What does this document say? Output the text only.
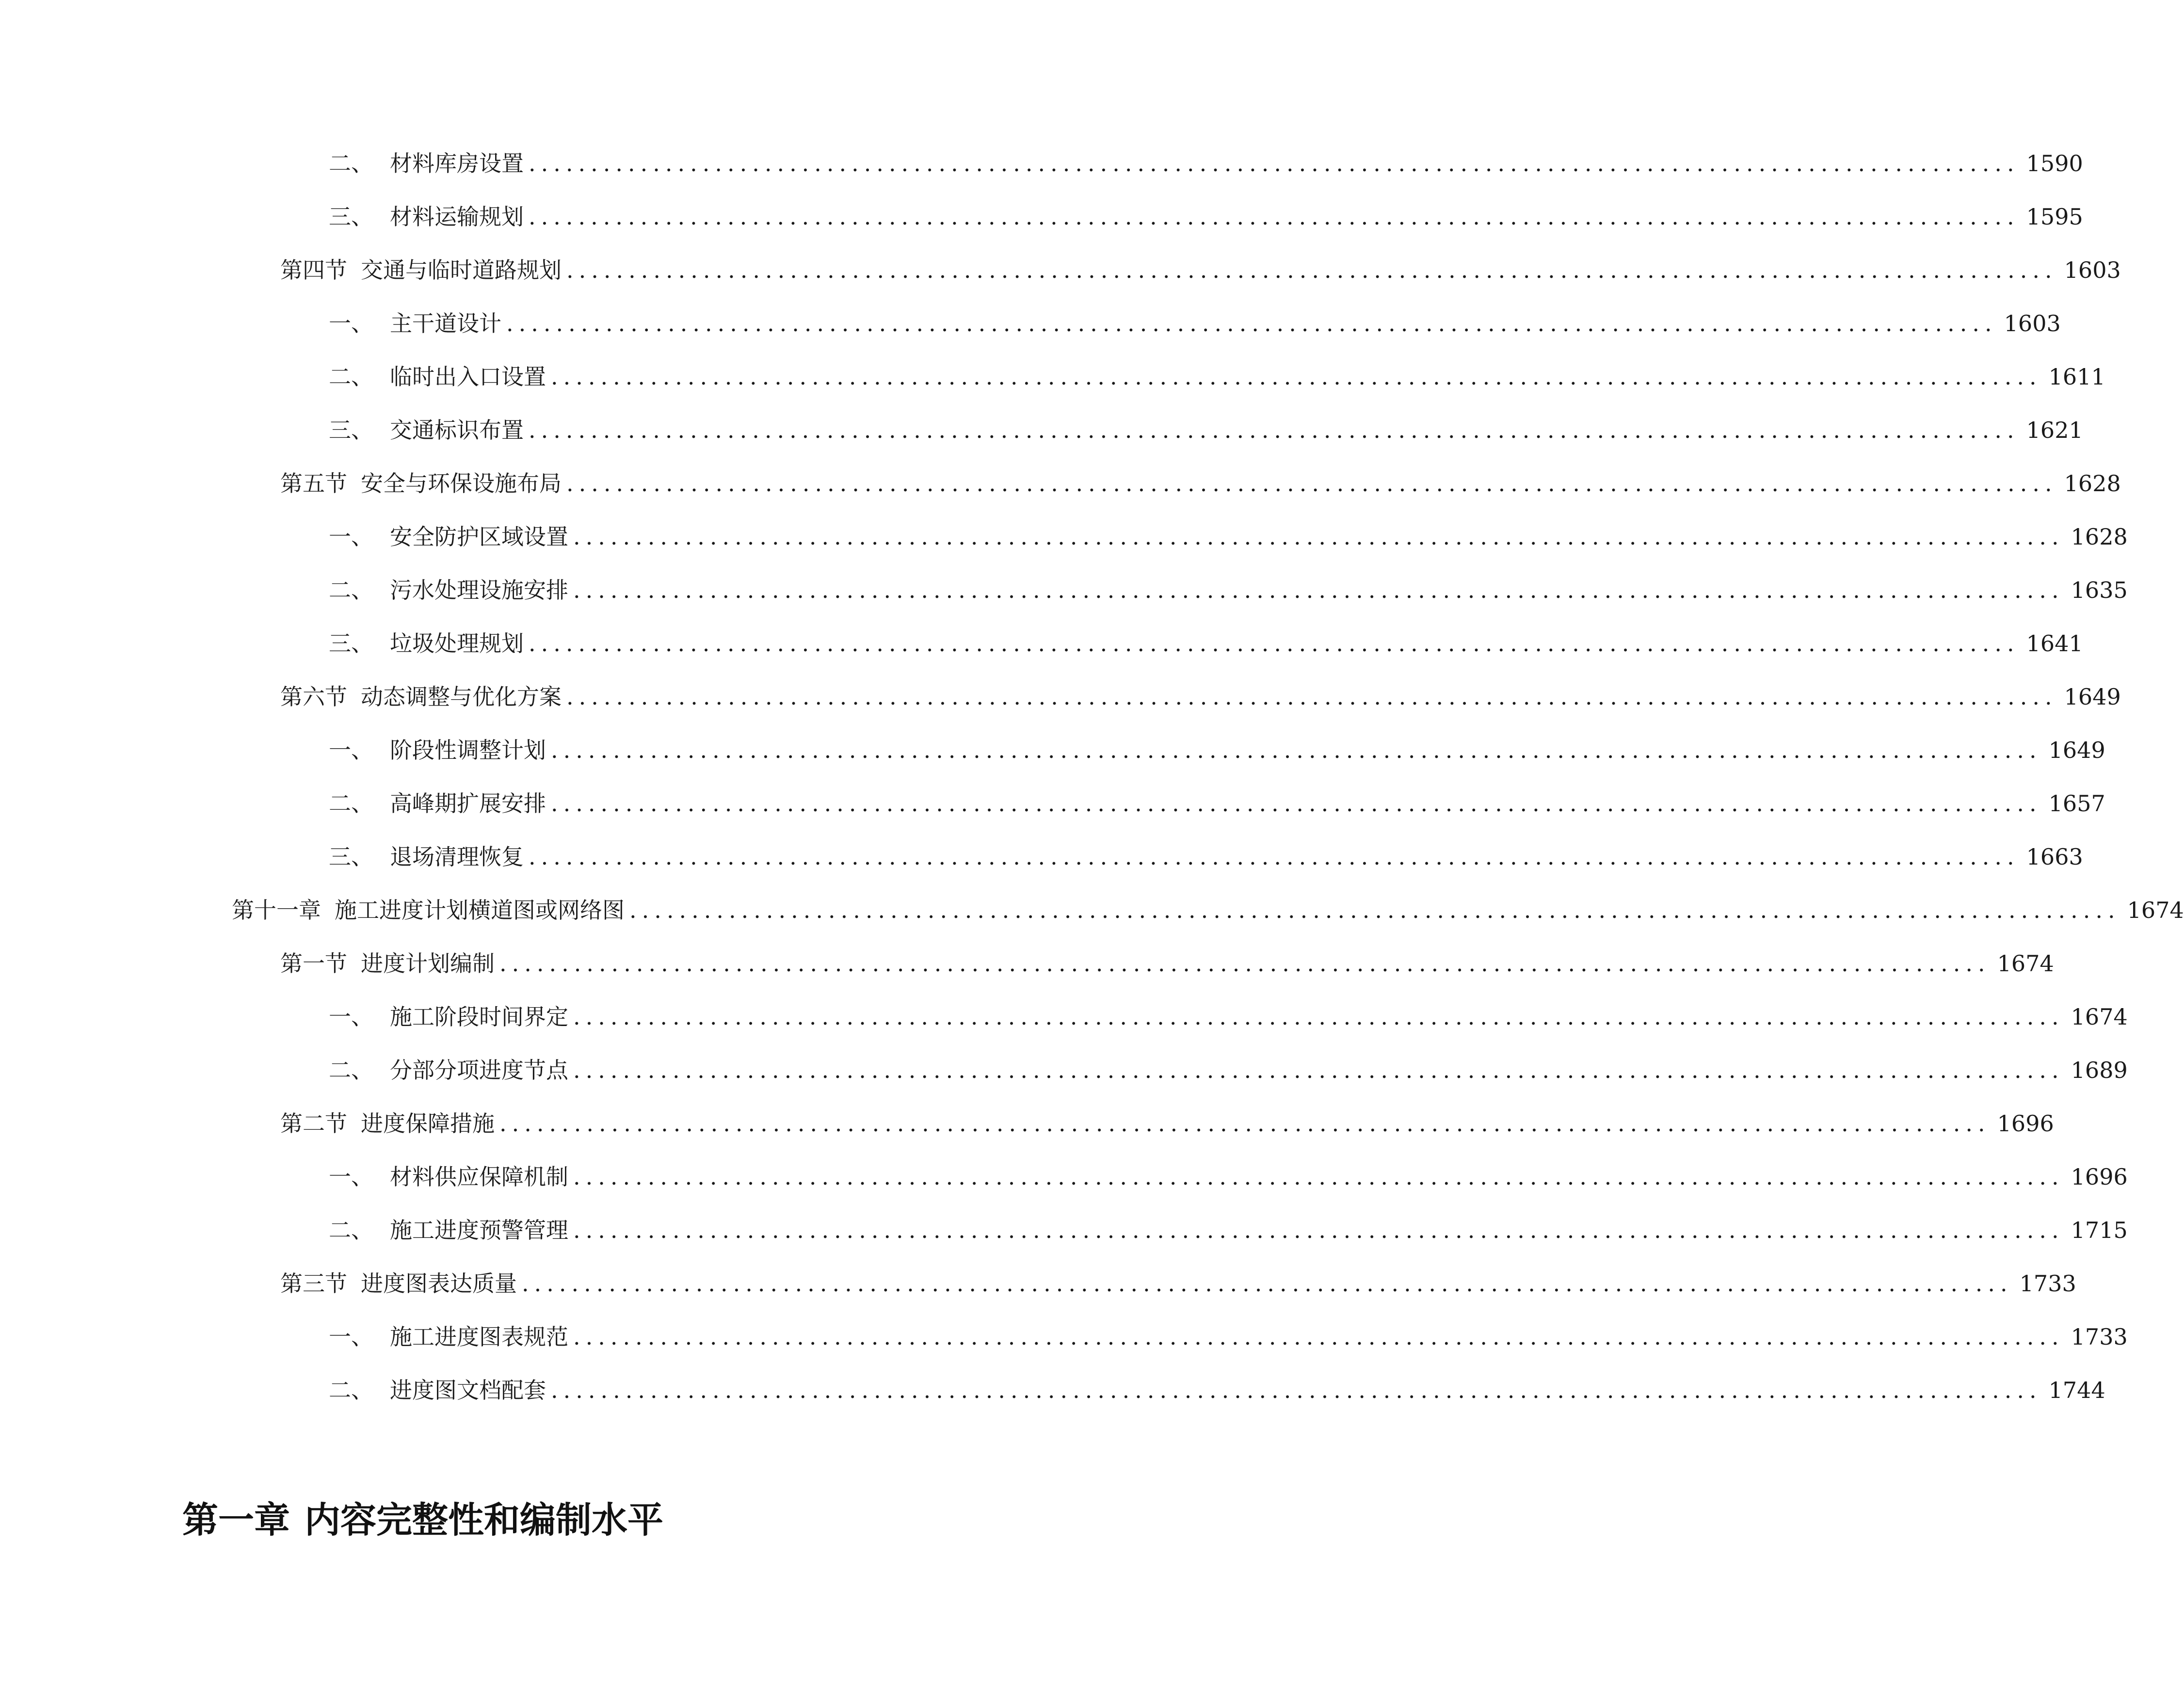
二、 材料库房设置 ........................................................................................................................ 1590
三、 材料运输规划 ........................................................................................................................ 1595
第四节 交通与临时道路规划 ........................................................................................................................ 1603
一、 主干道设计 ........................................................................................................................ 1603
二、 临时出入口设置 ........................................................................................................................ 1611
三、 交通标识布置 ........................................................................................................................ 1621
第五节 安全与环保设施布局 ........................................................................................................................ 1628
一、 安全防护区域设置 ........................................................................................................................ 1628
二、 污水处理设施安排 ........................................................................................................................ 1635
三、 垃圾处理规划 ........................................................................................................................ 1641
第六节 动态调整与优化方案 ........................................................................................................................ 1649
一、 阶段性调整计划 ........................................................................................................................ 1649
二、 高峰期扩展安排 ........................................................................................................................ 1657
三、 退场清理恢复 ........................................................................................................................ 1663
第十一章 施工进度计划横道图或网络图 ........................................................................................................................ 1674
第一节 进度计划编制 ........................................................................................................................ 1674
一、 施工阶段时间界定 ........................................................................................................................ 1674
二、 分部分项进度节点 ........................................................................................................................ 1689
第二节 进度保障措施 ........................................................................................................................ 1696
一、 材料供应保障机制 ........................................................................................................................ 1696
二、 施工进度预警管理 ........................................................................................................................ 1715
第三节 进度图表达质量 ........................................................................................................................ 1733
一、 施工进度图表规范 ........................................................................................................................ 1733
二、 进度图文档配套 ........................................................................................................................ 1744
第一章 内容完整性和编制水平
